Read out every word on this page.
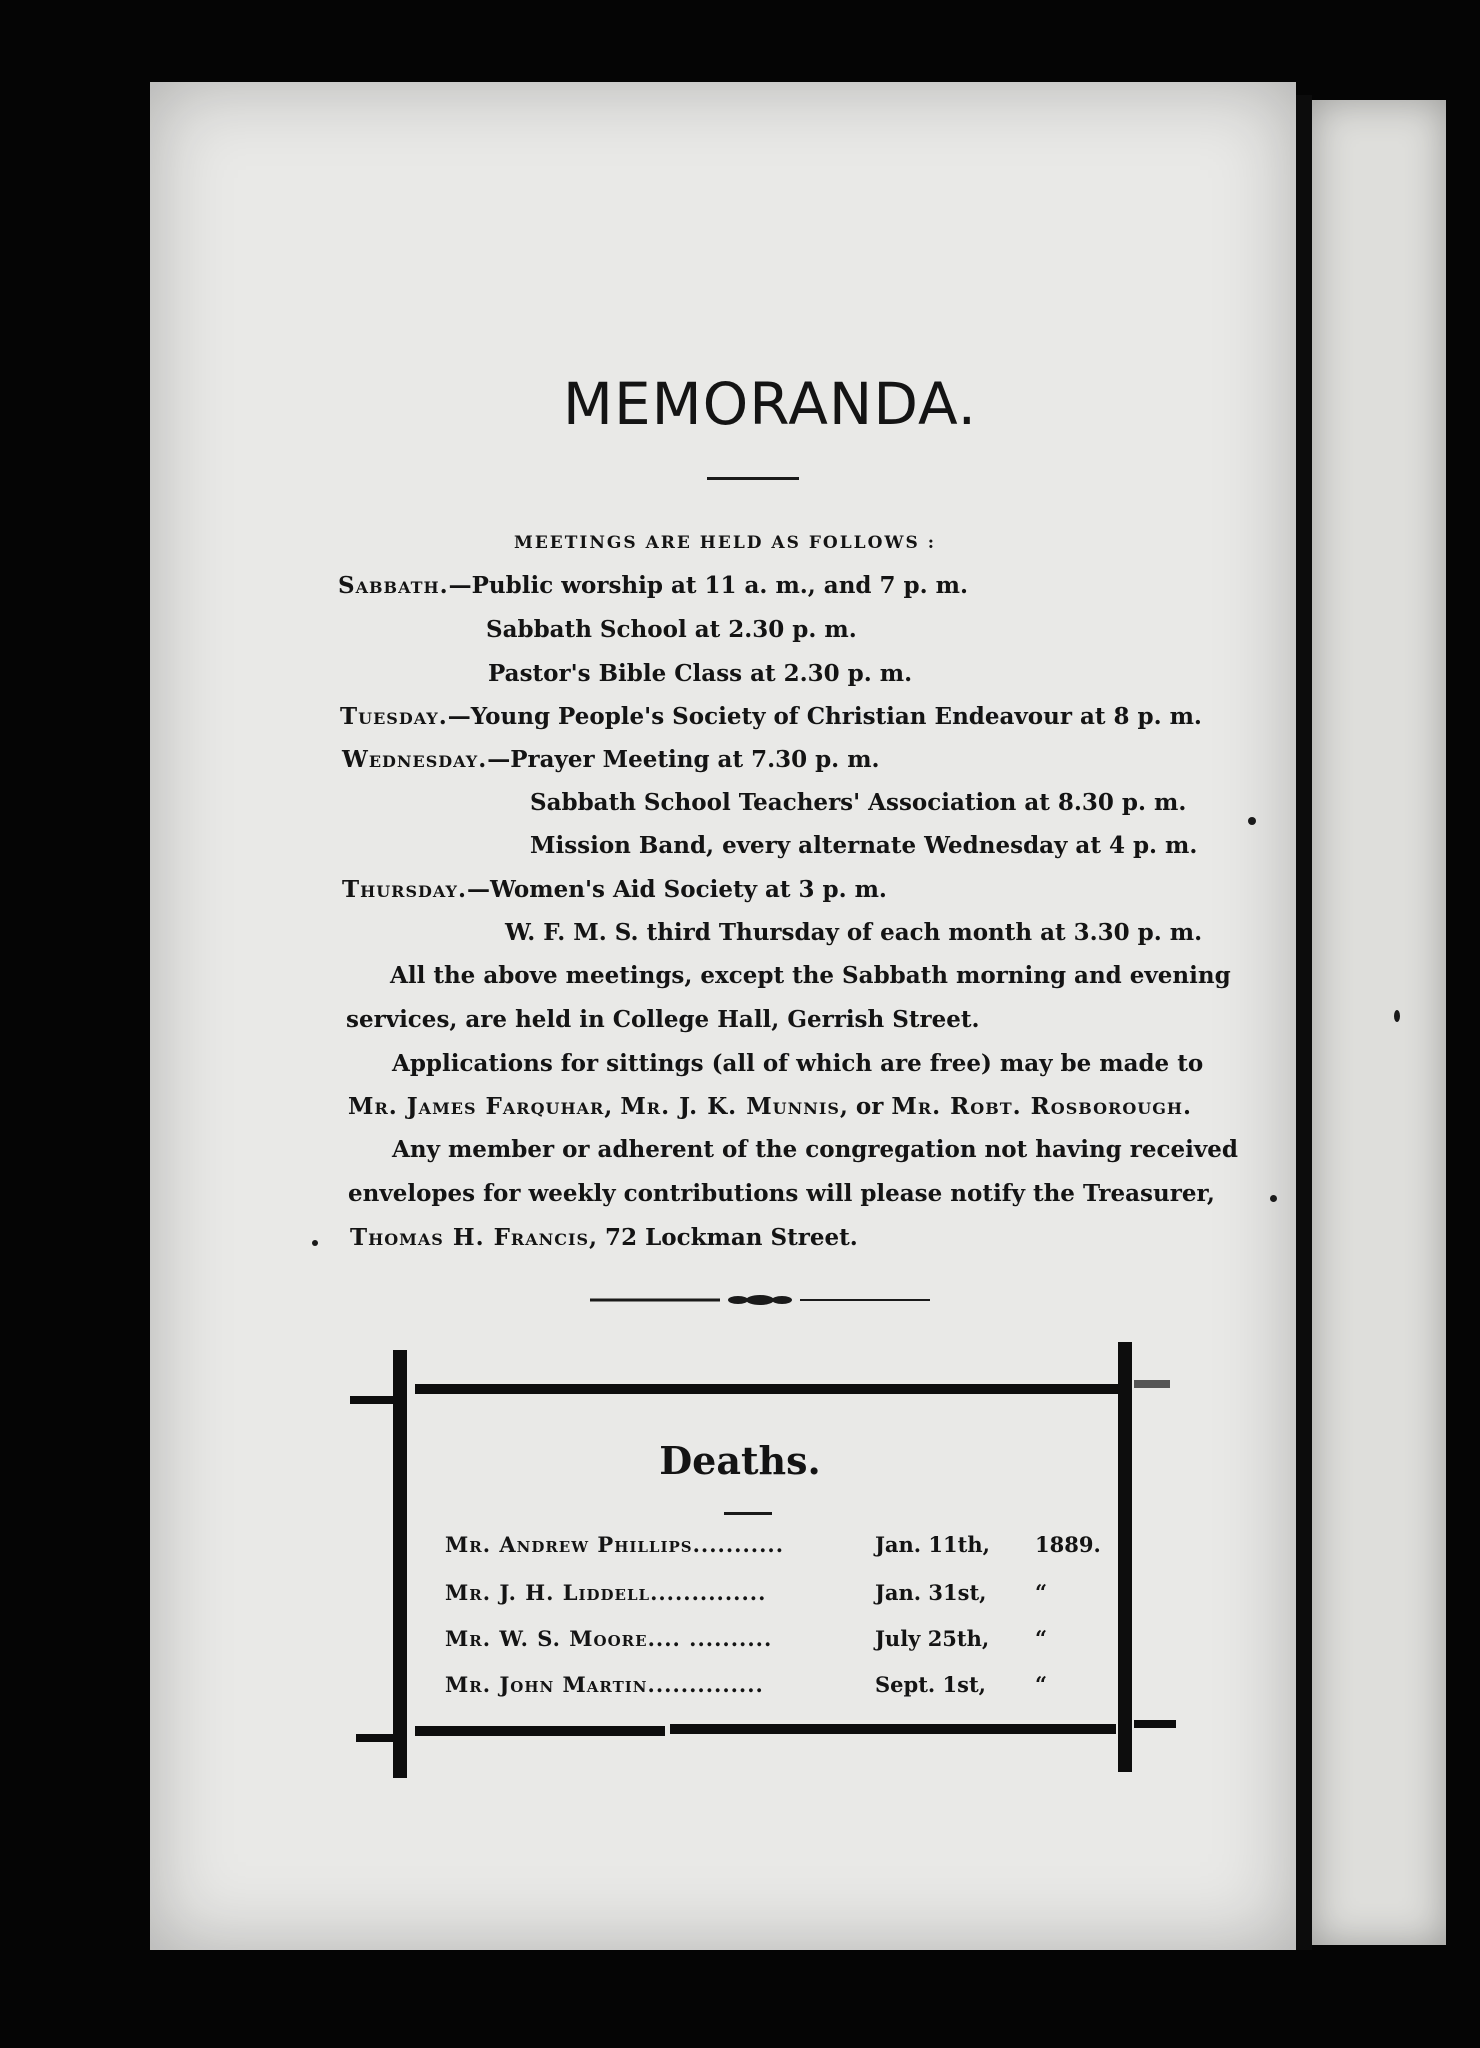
MEMORANDA.
MEETINGS ARE HELD AS FOLLOWS :
Sabbath.—Public worship at 11 a. m., and 7 p. m.
Sabbath School at 2.30 p. m.
Pastor's Bible Class at 2.30 p. m.
Tuesday.—Young People's Society of Christian Endeavour at 8 p. m.
Wednesday.—Prayer Meeting at 7.30 p. m.
Sabbath School Teachers' Association at 8.30 p. m.
Mission Band, every alternate Wednesday at 4 p. m.
Thursday.—Women's Aid Society at 3 p. m.
W. F. M. S. third Thursday of each month at 3.30 p. m.
All the above meetings, except the Sabbath morning and evening
services, are held in College Hall, Gerrish Street.
Applications for sittings (all of which are free) may be made to
Mr. James Farquhar, Mr. J. K. Munnis, or Mr. Robt. Rosborough.
Any member or adherent of the congregation not having received
envelopes for weekly contributions will please notify the Treasurer,
Thomas H. Francis, 72 Lockman Street.
Deaths.
Mr. Andrew Phillips...........	Jan. 11th, 1889.
Mr. J. H. Liddell..............	Jan. 31st, “
Mr. W. S. Moore.... ..........	July 25th, “
Mr. John Martin..............	Sept. 1st, “
